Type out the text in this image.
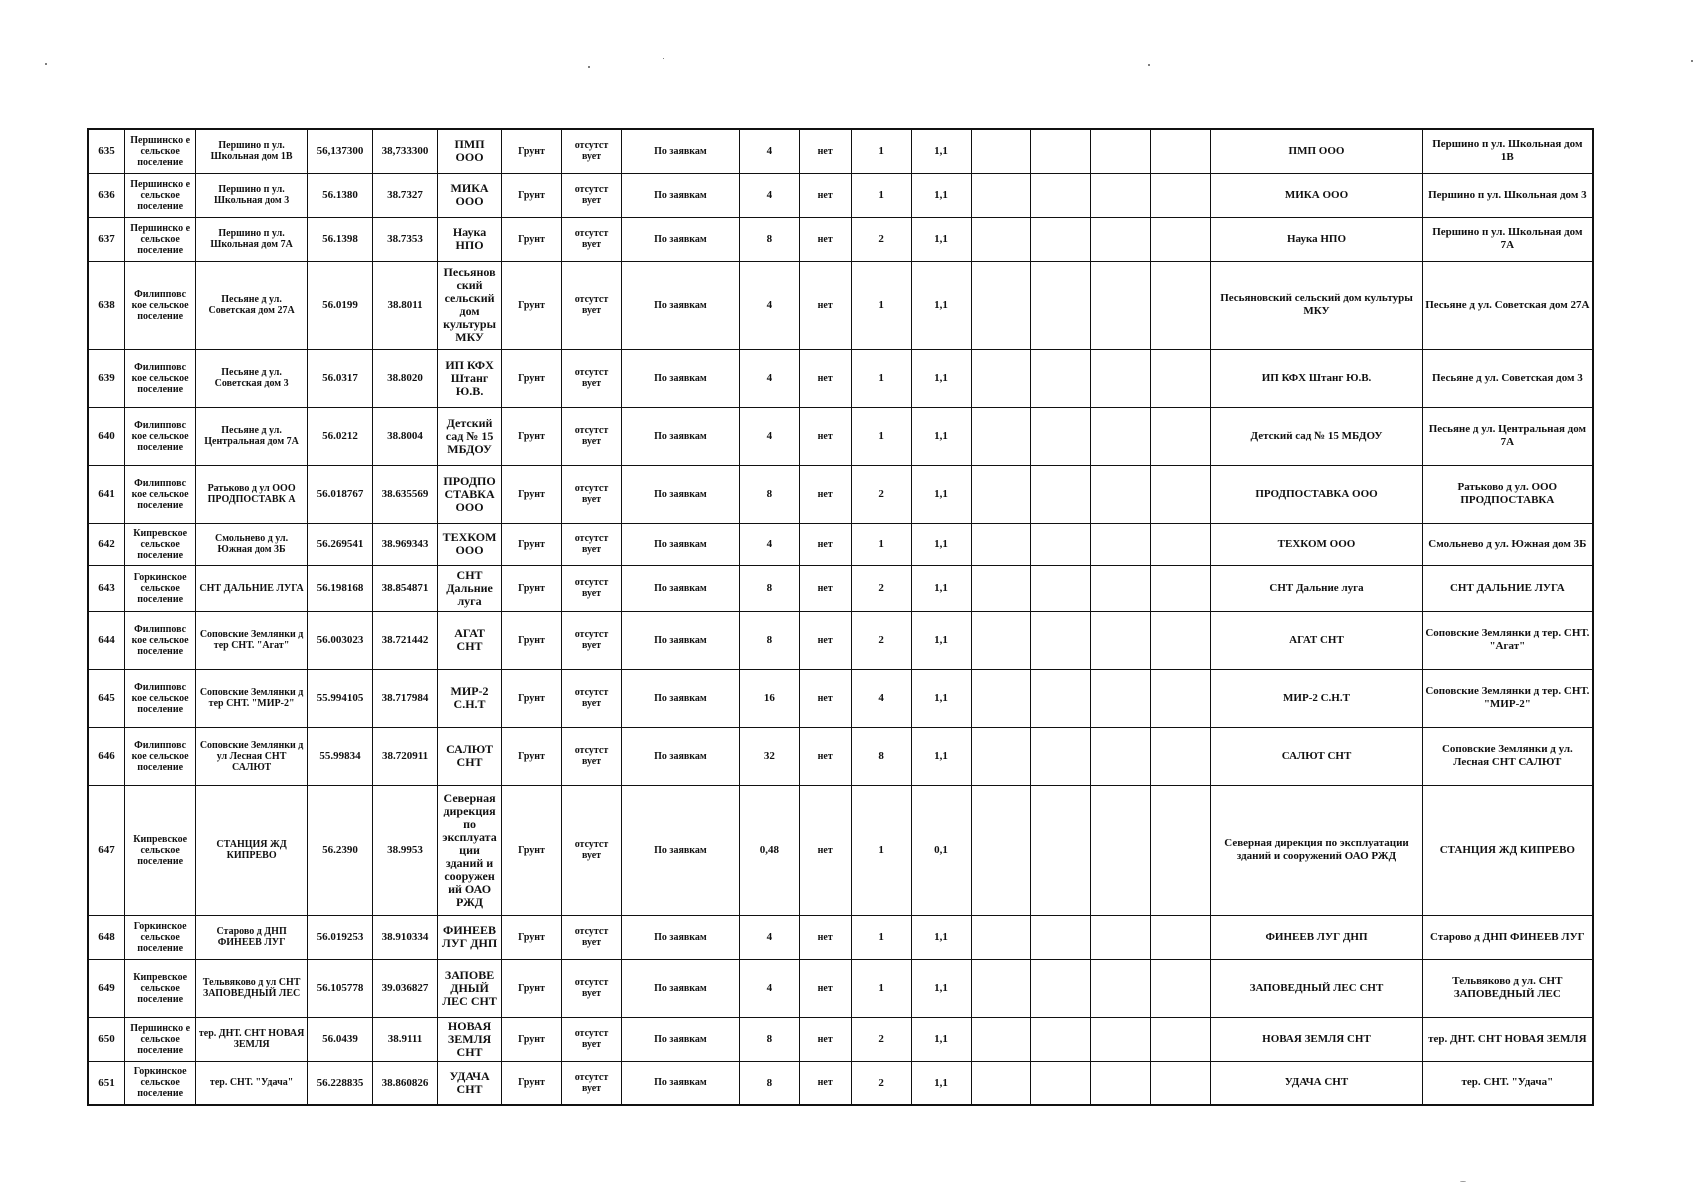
635	Першинско е сельское поселение	Першино п ул. Школьная дом 1В	56,137300	38,733300	ПМП ООО	Грунт	отсутст вует	По заявкам	4	нет	1	1,1					ПМП ООО	Першино п ул. Школьная дом 1В
636	Першинско е сельское поселение	Першино п ул. Школьная дом 3	56.1380	38.7327	МИКА ООО	Грунт	отсутст вует	По заявкам	4	нет	1	1,1					МИКА ООО	Першино п ул. Школьная дом 3
637	Першинско е сельское поселение	Першино п ул. Школьная дом 7А	56.1398	38.7353	Наука НПО	Грунт	отсутст вует	По заявкам	8	нет	2	1,1					Наука НПО	Першино п ул. Школьная дом 7А
638	Филипповс кое сельское поселение	Песьяне д ул. Советская дом 27А	56.0199	38.8011	Песьянов ский сельский дом культуры МКУ	Грунт	отсутст вует	По заявкам	4	нет	1	1,1					Песьяновский сельский дом культуры МКУ	Песьяне д ул. Советская дом 27А
639	Филипповс кое сельское поселение	Песьяне д ул. Советская дом 3	56.0317	38.8020	ИП КФХ Штанг Ю.В.	Грунт	отсутст вует	По заявкам	4	нет	1	1,1					ИП КФХ Штанг Ю.В.	Песьяне д ул. Советская дом 3
640	Филипповс кое сельское поселение	Песьяне д ул. Центральная дом 7А	56.0212	38.8004	Детский сад № 15 МБДОУ	Грунт	отсутст вует	По заявкам	4	нет	1	1,1					Детский сад № 15 МБДОУ	Песьяне д ул. Центральная дом 7А
641	Филипповс кое сельское поселение	Ратьково д ул ООО ПРОДПОСТАВК А	56.018767	38.635569	ПРОДПО СТАВКА ООО	Грунт	отсутст вует	По заявкам	8	нет	2	1,1					ПРОДПОСТАВКА ООО	Ратьково д ул. ООО ПРОДПОСТАВКА
642	Кипревское сельское поселение	Смольнево д ул. Южная дом 3Б	56.269541	38.969343	ТЕХКОМ ООО	Грунт	отсутст вует	По заявкам	4	нет	1	1,1					ТЕХКОМ ООО	Смольнево д ул. Южная дом 3Б
643	Горкинское сельское поселение	СНТ ДАЛЬНИЕ ЛУГА	56.198168	38.854871	СНТ Дальние луга	Грунт	отсутст вует	По заявкам	8	нет	2	1,1					СНТ Дальние луга	СНТ ДАЛЬНИЕ ЛУГА
644	Филипповс кое сельское поселение	Соповские Землянки д тер СНТ. "Агат"	56.003023	38.721442	АГАТ СНТ	Грунт	отсутст вует	По заявкам	8	нет	2	1,1					АГАТ СНТ	Соповские Землянки д тер. СНТ. "Агат"
645	Филипповс кое сельское поселение	Соповские Землянки д тер СНТ. "МИР-2"	55.994105	38.717984	МИР-2 С.Н.Т	Грунт	отсутст вует	По заявкам	16	нет	4	1,1					МИР-2 С.Н.Т	Соповские Землянки д тер. СНТ. "МИР-2"
646	Филипповс кое сельское поселение	Соповские Землянки д ул Лесная СНТ САЛЮТ	55.99834	38.720911	САЛЮТ СНТ	Грунт	отсутст вует	По заявкам	32	нет	8	1,1					САЛЮТ СНТ	Соповские Землянки д ул. Лесная СНТ САЛЮТ
647	Кипревское сельское поселение	СТАНЦИЯ ЖД КИПРЕВО	56.2390	38.9953	Северная дирекция по эксплуата ции зданий и сооружен ий ОАО РЖД	Грунт	отсутст вует	По заявкам	0,48	нет	1	0,1					Северная дирекция по эксплуатации зданий и сооружений ОАО РЖД	СТАНЦИЯ ЖД КИПРЕВО
648	Горкинское сельское поселение	Старово д ДНП ФИНЕЕВ ЛУГ	56.019253	38.910334	ФИНЕЕВ ЛУГ ДНП	Грунт	отсутст вует	По заявкам	4	нет	1	1,1					ФИНЕЕВ ЛУГ ДНП	Старово д ДНП ФИНЕЕВ ЛУГ
649	Кипревское сельское поселение	Тельвяково д ул СНТ ЗАПОВЕДНЫЙ ЛЕС	56.105778	39.036827	ЗАПОВЕ ДНЫЙ ЛЕС СНТ	Грунт	отсутст вует	По заявкам	4	нет	1	1,1					ЗАПОВЕДНЫЙ ЛЕС СНТ	Тельвяково д ул. СНТ ЗАПОВЕДНЫЙ ЛЕС
650	Першинско е сельское поселение	тер. ДНТ. СНТ НОВАЯ ЗЕМЛЯ	56.0439	38.9111	НОВАЯ ЗЕМЛЯ СНТ	Грунт	отсутст вует	По заявкам	8	нет	2	1,1					НОВАЯ ЗЕМЛЯ СНТ	тер. ДНТ. СНТ НОВАЯ ЗЕМЛЯ
651	Горкинское сельское поселение	тер. СНТ. "Удача"	56.228835	38.860826	УДАЧА СНТ	Грунт	отсутст вует	По заявкам	8	нет	2	1,1					УДАЧА СНТ	тер. СНТ. "Удача"
